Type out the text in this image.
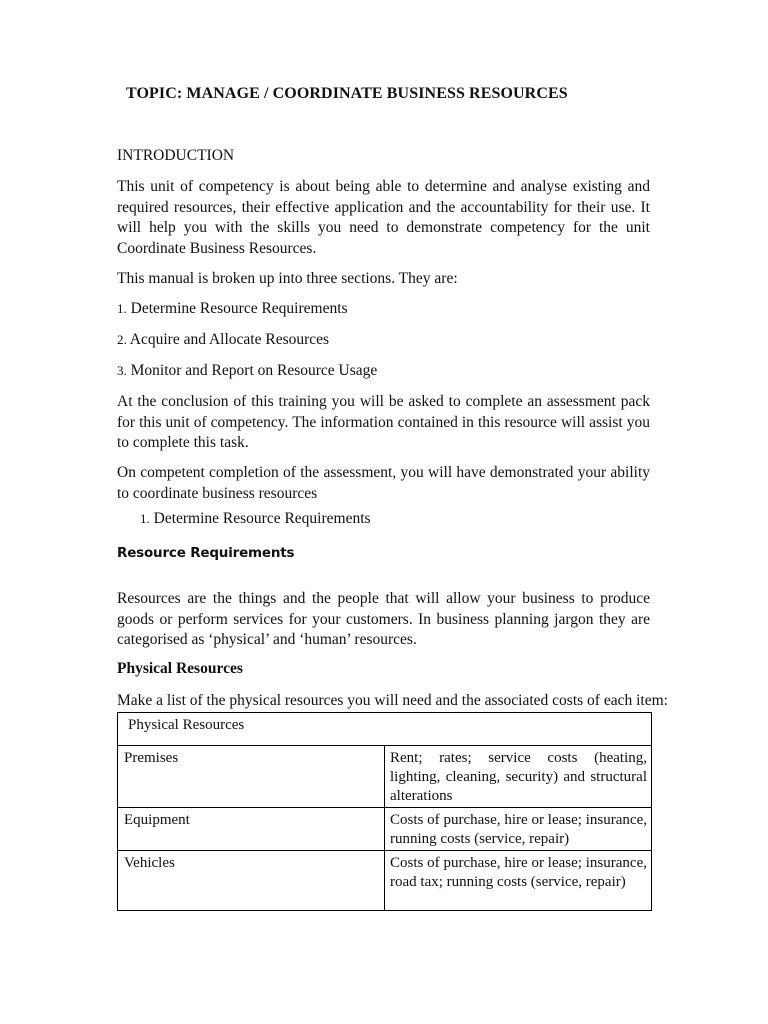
TOPIC: MANAGE / COORDINATE BUSINESS RESOURCES
INTRODUCTION
This unit of competency is about being able to determine and analyse existing and required resources, their effective application and the accountability for their use. It will help you with the skills you need to demonstrate competency for the unit Coordinate Business Resources.
This manual is broken up into three sections. They are:
1. Determine Resource Requirements
2. Acquire and Allocate Resources
3. Monitor and Report on Resource Usage
At the conclusion of this training you will be asked to complete an assessment pack for this unit of competency. The information contained in this resource will assist you to complete this task.
On competent completion of the assessment, you will have demonstrated your ability to coordinate business resources
1. Determine Resource Requirements
Resource Requirements
Resources are the things and the people that will allow your business to produce goods or perform services for your customers. In business planning jargon they are categorised as ‘physical’ and ‘human’ resources.
Physical Resources
Make a list of the physical resources you will need and the associated costs of each item:
Physical Resources	
Premises	Rent; rates; service costs (heating, lighting, cleaning, security) and structural alterations
Equipment	Costs of purchase, hire or lease; insurance, running costs (service, repair)
Vehicles	Costs of purchase, hire or lease; insurance, road tax; running costs (service, repair)
